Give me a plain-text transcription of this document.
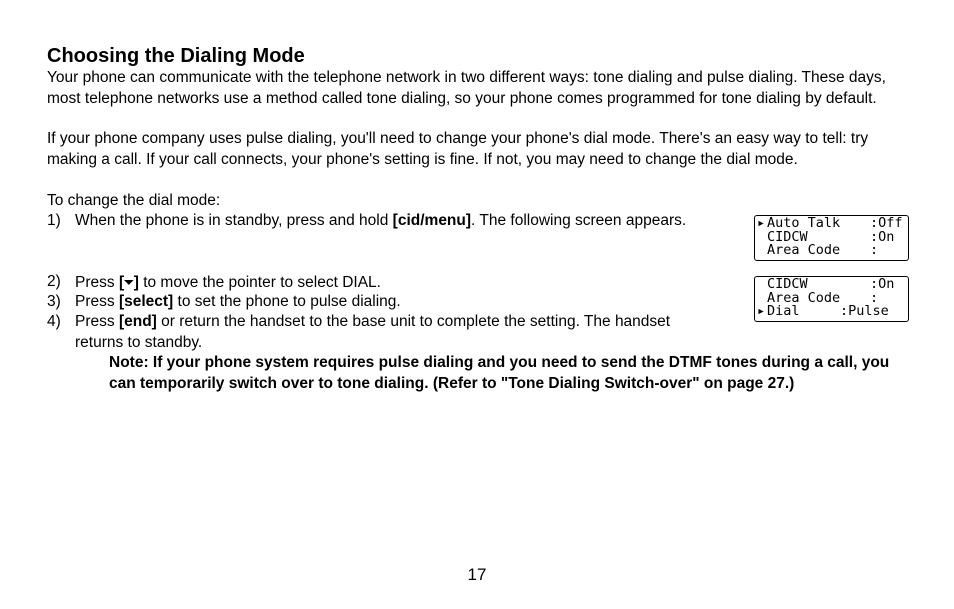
Choosing the Dialing Mode

Your phone can communicate with the telephone network in two different ways: tone dialing and pulse dialing. These days, most telephone networks use a method called tone dialing, so your phone comes programmed for tone dialing by default.

If your phone company uses pulse dialing, you'll need to change your phone's dial mode. There's an easy way to tell: try making a call. If your call connects, your phone's setting is fine. If not, you may need to change the dial mode.

To change the dial mode:

1) When the phone is in standby, press and hold [cid/menu]. The following screen appears.
2) Press [⏷] to move the pointer to select DIAL.
3) Press [select] to set the phone to pulse dialing.
4) Press [end] or return the handset to the base unit to complete the setting. The handset
returns to standby.

Note: If your phone system requires pulse dialing and you need to send the DTMF tones during a call, you can temporarily switch over to tone dialing. (Refer to "Tone Dialing Switch-over" on page 27.)

▸ Auto Talk	:Off
CIDCW	:On
Area Code	:
CIDCW	:On
Area Code	:
▸ Dial	:Pulse
17
